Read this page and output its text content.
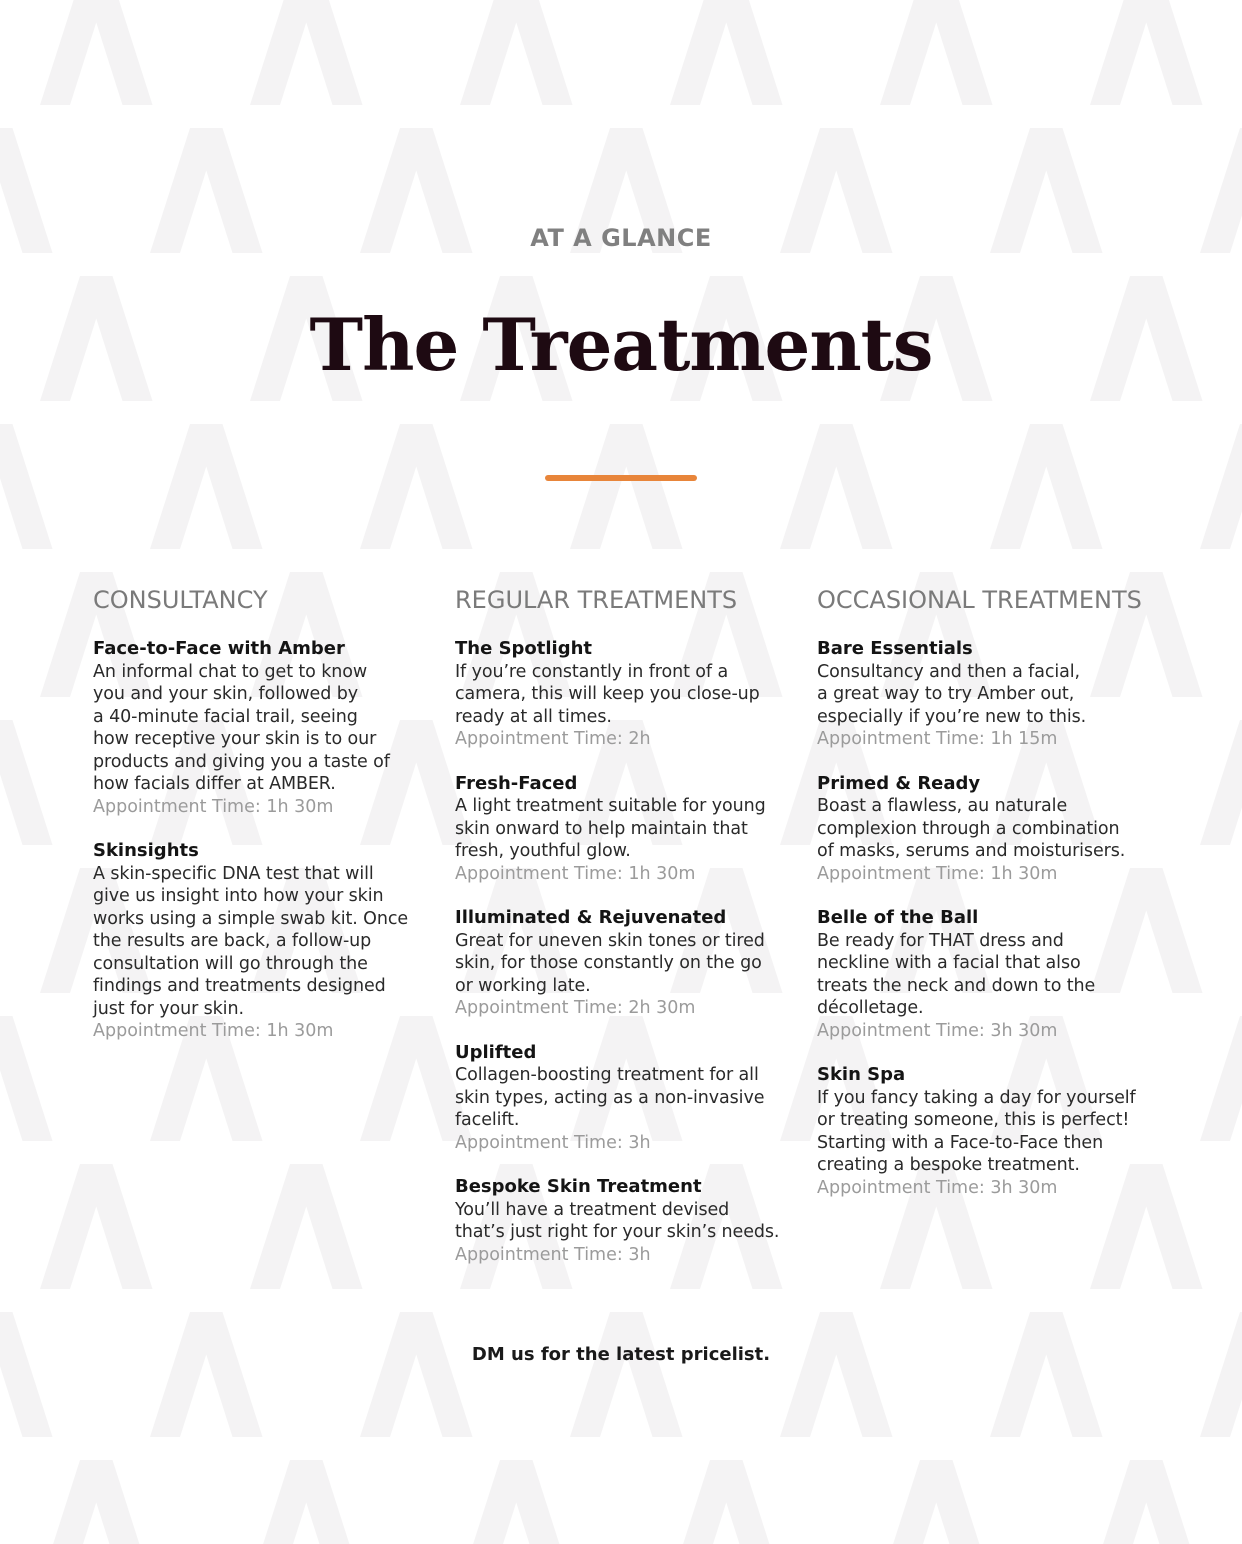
AT A GLANCE
The Treatments
CONSULTANCY
Face-to-Face with Amber
An informal chat to get to know
you and your skin, followed by
a 40-minute facial trail, seeing
how receptive your skin is to our
products and giving you a taste of
how facials differ at AMBER.
Appointment Time: 1h 30m
Skinsights
A skin-specific DNA test that will
give us insight into how your skin
works using a simple swab kit. Once
the results are back, a follow-up
consultation will go through the
findings and treatments designed
just for your skin.
Appointment Time: 1h 30m
REGULAR TREATMENTS
The Spotlight
If you’re constantly in front of a
camera, this will keep you close-up
ready at all times.
Appointment Time: 2h
Fresh-Faced
A light treatment suitable for young
skin onward to help maintain that
fresh, youthful glow.
Appointment Time: 1h 30m
Illuminated & Rejuvenated
Great for uneven skin tones or tired
skin, for those constantly on the go
or working late.
Appointment Time: 2h 30m
Uplifted
Collagen-boosting treatment for all
skin types, acting as a non-invasive
facelift.
Appointment Time: 3h
Bespoke Skin Treatment
You’ll have a treatment devised
that’s just right for your skin’s needs.
Appointment Time: 3h
OCCASIONAL TREATMENTS
Bare Essentials
Consultancy and then a facial,
a great way to try Amber out,
especially if you’re new to this.
Appointment Time: 1h 15m
Primed & Ready
Boast a flawless, au naturale
complexion through a combination
of masks, serums and moisturisers.
Appointment Time: 1h 30m
Belle of the Ball
Be ready for THAT dress and
neckline with a facial that also
treats the neck and down to the
décolletage.
Appointment Time: 3h 30m
Skin Spa
If you fancy taking a day for yourself
or treating someone, this is perfect!
Starting with a Face-to-Face then
creating a bespoke treatment.
Appointment Time: 3h 30m
DM us for the latest pricelist.
